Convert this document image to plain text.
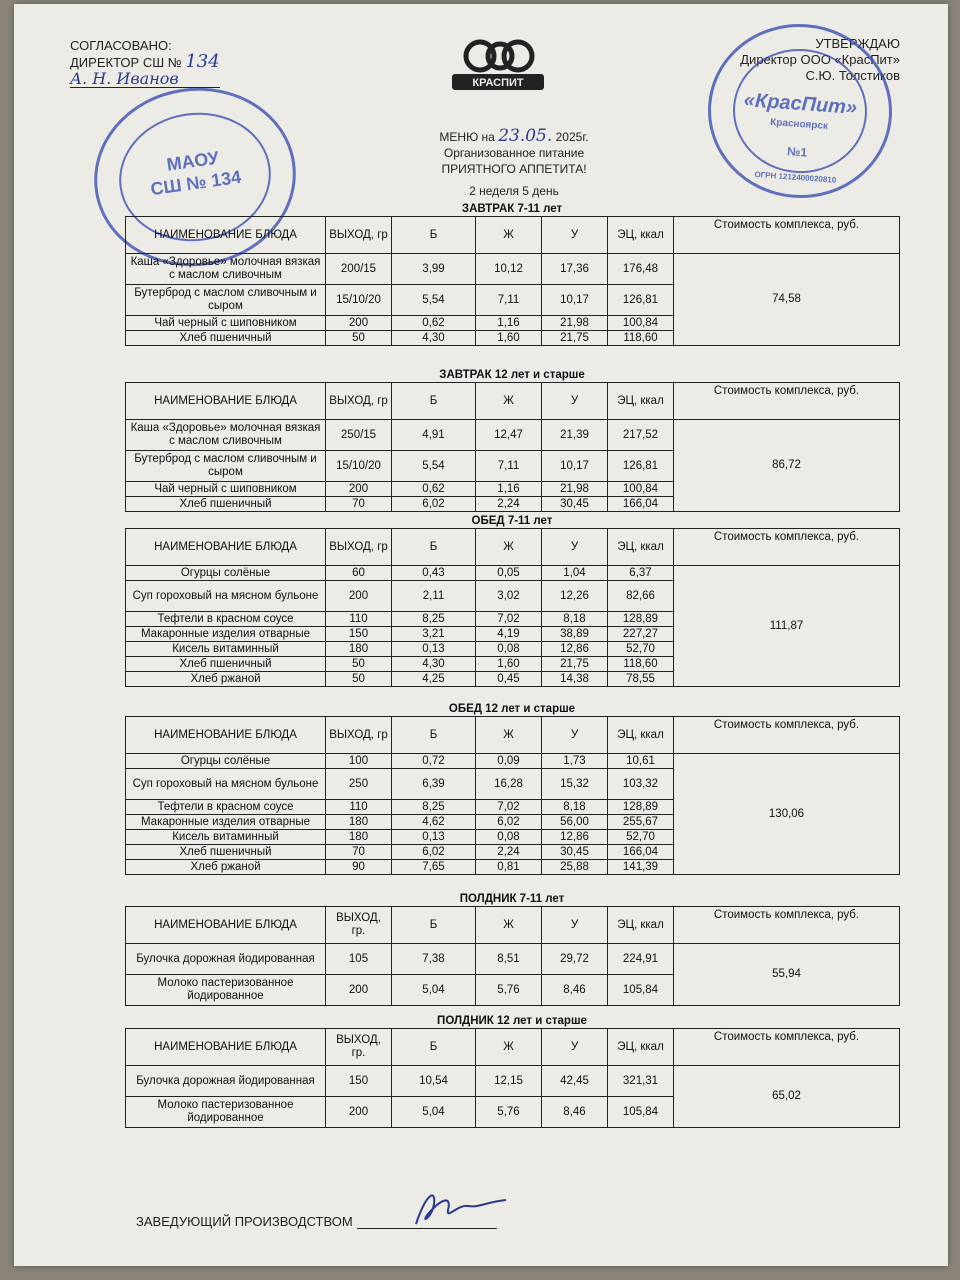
СОГЛАСОВАНО:
ДИРЕКТОР СШ № 134
А. Н. Иванов	КРАСПИТ
УТВЕРЖДАЮ
Директор ООО «КрасПит»
С.Ю. Толстиков
МАОУ
СШ № 134
«КрасПит»
Красноярск
№1
ОГРН 1212400020810
МЕНЮ на 23.05. 2025г.
Организованное питание
ПРИЯТНОГО АППЕТИТА!
2 неделя 5 день
ЗАВТРАК 7-11 лет
НАИМЕНОВАНИЕ БЛЮДА	ВЫХОД, гр	Б	Ж	У	ЭЦ, ккал	Стоимость комплекса, руб.
Каша «Здоровье» молочная вязкая с маслом сливочным	200/15	3,99	10,12	17,36	176,48	74,58
Бутерброд с маслом сливочным и сыром	15/10/20	5,54	7,11	10,17	126,81	
Чай черный с шиповником	200	0,62	1,16	21,98	100,84	
Хлеб пшеничный	50	4,30	1,60	21,75	118,60	
ЗАВТРАК 12 лет и старше
НАИМЕНОВАНИЕ БЛЮДА	ВЫХОД, гр	Б	Ж	У	ЭЦ, ккал	Стоимость комплекса, руб.
Каша «Здоровье» молочная вязкая с маслом сливочным	250/15	4,91	12,47	21,39	217,52	86,72
Бутерброд с маслом сливочным и сыром	15/10/20	5,54	7,11	10,17	126,81	
Чай черный с шиповником	200	0,62	1,16	21,98	100,84	
Хлеб пшеничный	70	6,02	2,24	30,45	166,04	
ОБЕД 7-11 лет
НАИМЕНОВАНИЕ БЛЮДА	ВЫХОД, гр	Б	Ж	У	ЭЦ, ккал	Стоимость комплекса, руб.
Огурцы солёные	60	0,43	0,05	1,04	6,37	111,87
Суп гороховый на мясном бульоне	200	2,11	3,02	12,26	82,66	
Тефтели в красном соусе	110	8,25	7,02	8,18	128,89	
Макаронные изделия отварные	150	3,21	4,19	38,89	227,27	
Кисель витаминный	180	0,13	0,08	12,86	52,70	
Хлеб пшеничный	50	4,30	1,60	21,75	118,60	
Хлеб ржаной	50	4,25	0,45	14,38	78,55	
ОБЕД 12 лет и старше
НАИМЕНОВАНИЕ БЛЮДА	ВЫХОД, гр	Б	Ж	У	ЭЦ, ккал	Стоимость комплекса, руб.
Огурцы солёные	100	0,72	0,09	1,73	10,61	130,06
Суп гороховый на мясном бульоне	250	6,39	16,28	15,32	103,32	
Тефтели в красном соусе	110	8,25	7,02	8,18	128,89	
Макаронные изделия отварные	180	4,62	6,02	56,00	255,67	
Кисель витаминный	180	0,13	0,08	12,86	52,70	
Хлеб пшеничный	70	6,02	2,24	30,45	166,04	
Хлеб ржаной	90	7,65	0,81	25,88	141,39	
ПОЛДНИК 7-11 лет
НАИМЕНОВАНИЕ БЛЮДА	ВЫХОД, гр.	Б	Ж	У	ЭЦ, ккал	Стоимость комплекса, руб.
Булочка дорожная йодированная	105	7,38	8,51	29,72	224,91	55,94
Молоко пастеризованное йодированное	200	5,04	5,76	8,46	105,84	
ПОЛДНИК 12 лет и старше
НАИМЕНОВАНИЕ БЛЮДА	ВЫХОД, гр.	Б	Ж	У	ЭЦ, ккал	Стоимость комплекса, руб.
Булочка дорожная йодированная	150	10,54	12,15	42,45	321,31	65,02
Молоко пастеризованное йодированное	200	5,04	5,76	8,46	105,84	
ЗАВЕДУЮЩИЙ ПРОИЗВОДСТВОМ
